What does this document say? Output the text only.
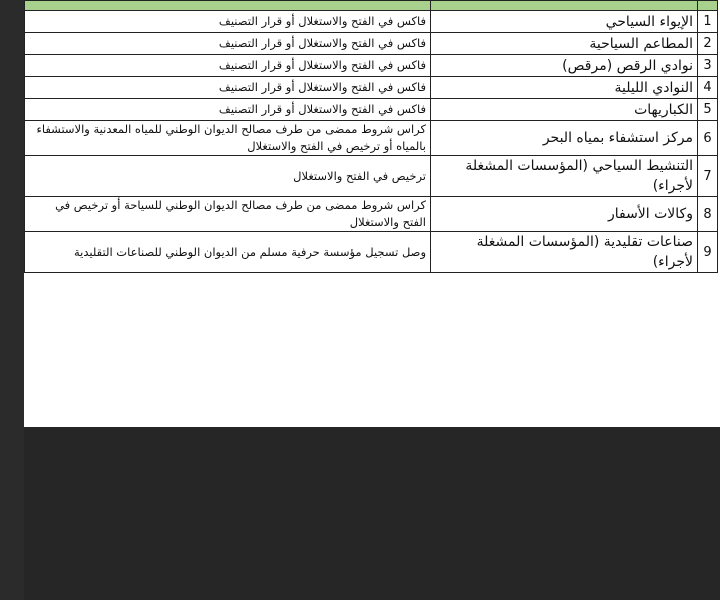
1	الإيواء السياحي	فاكس في الفتح والاستغلال أو قرار التصنيف
2	المطاعم السياحية	فاكس في الفتح والاستغلال أو قرار التصنيف
3	نوادي الرقص (مرقص)	فاكس في الفتح والاستغلال أو قرار التصنيف
4	النوادي الليلية	فاكس في الفتح والاستغلال أو قرار التصنيف
5	الكباريهات	فاكس في الفتح والاستغلال أو قرار التصنيف
6	مركز استشفاء بمياه البحر	كراس شروط ممضى من طرف مصالح الديوان الوطني للمياه المعدنية والاستشفاء بالمياه أو ترخيص في الفتح والاستغلال
7	التنشيط السياحي (المؤسسات المشغلة لأجراء)	ترخيص في الفتح والاستغلال
8	وكالات الأسفار	كراس شروط ممضى من طرف مصالح الديوان الوطني للسياحة أو ترخيص في الفتح والاستغلال
9	صناعات تقليدية (المؤسسات المشغلة لأجراء)	وصل تسجيل مؤسسة حرفية مسلم من الديوان الوطني للصناعات التقليدية
